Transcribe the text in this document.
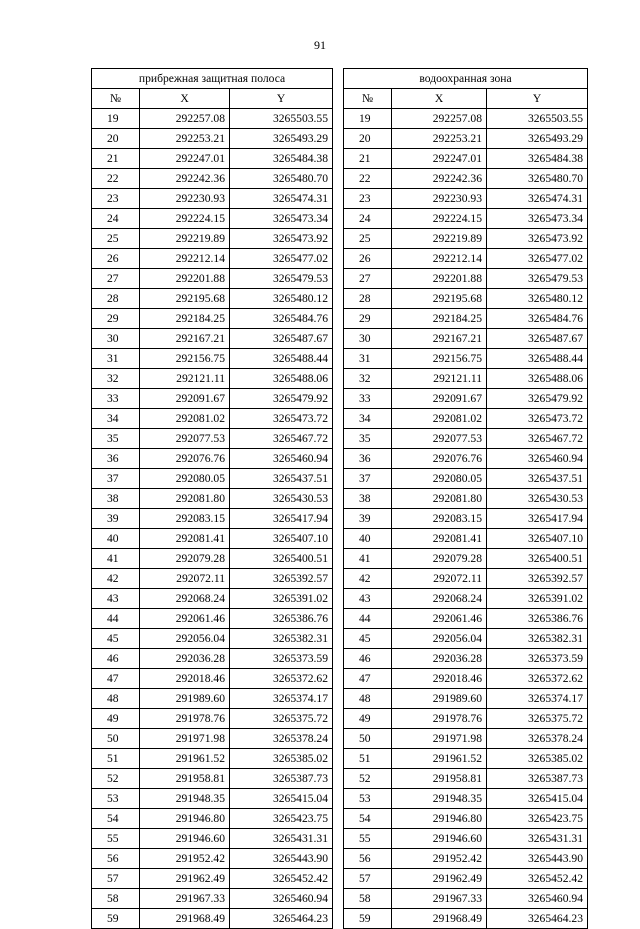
91
прибрежная защитная полоса		
№	X	Y
19	292257.08	3265503.55
20	292253.21	3265493.29
21	292247.01	3265484.38
22	292242.36	3265480.70
23	292230.93	3265474.31
24	292224.15	3265473.34
25	292219.89	3265473.92
26	292212.14	3265477.02
27	292201.88	3265479.53
28	292195.68	3265480.12
29	292184.25	3265484.76
30	292167.21	3265487.67
31	292156.75	3265488.44
32	292121.11	3265488.06
33	292091.67	3265479.92
34	292081.02	3265473.72
35	292077.53	3265467.72
36	292076.76	3265460.94
37	292080.05	3265437.51
38	292081.80	3265430.53
39	292083.15	3265417.94
40	292081.41	3265407.10
41	292079.28	3265400.51
42	292072.11	3265392.57
43	292068.24	3265391.02
44	292061.46	3265386.76
45	292056.04	3265382.31
46	292036.28	3265373.59
47	292018.46	3265372.62
48	291989.60	3265374.17
49	291978.76	3265375.72
50	291971.98	3265378.24
51	291961.52	3265385.02
52	291958.81	3265387.73
53	291948.35	3265415.04
54	291946.80	3265423.75
55	291946.60	3265431.31
56	291952.42	3265443.90
57	291962.49	3265452.42
58	291967.33	3265460.94
59	291968.49	3265464.23
водоохранная зона		
№	X	Y
19	292257.08	3265503.55
20	292253.21	3265493.29
21	292247.01	3265484.38
22	292242.36	3265480.70
23	292230.93	3265474.31
24	292224.15	3265473.34
25	292219.89	3265473.92
26	292212.14	3265477.02
27	292201.88	3265479.53
28	292195.68	3265480.12
29	292184.25	3265484.76
30	292167.21	3265487.67
31	292156.75	3265488.44
32	292121.11	3265488.06
33	292091.67	3265479.92
34	292081.02	3265473.72
35	292077.53	3265467.72
36	292076.76	3265460.94
37	292080.05	3265437.51
38	292081.80	3265430.53
39	292083.15	3265417.94
40	292081.41	3265407.10
41	292079.28	3265400.51
42	292072.11	3265392.57
43	292068.24	3265391.02
44	292061.46	3265386.76
45	292056.04	3265382.31
46	292036.28	3265373.59
47	292018.46	3265372.62
48	291989.60	3265374.17
49	291978.76	3265375.72
50	291971.98	3265378.24
51	291961.52	3265385.02
52	291958.81	3265387.73
53	291948.35	3265415.04
54	291946.80	3265423.75
55	291946.60	3265431.31
56	291952.42	3265443.90
57	291962.49	3265452.42
58	291967.33	3265460.94
59	291968.49	3265464.23
